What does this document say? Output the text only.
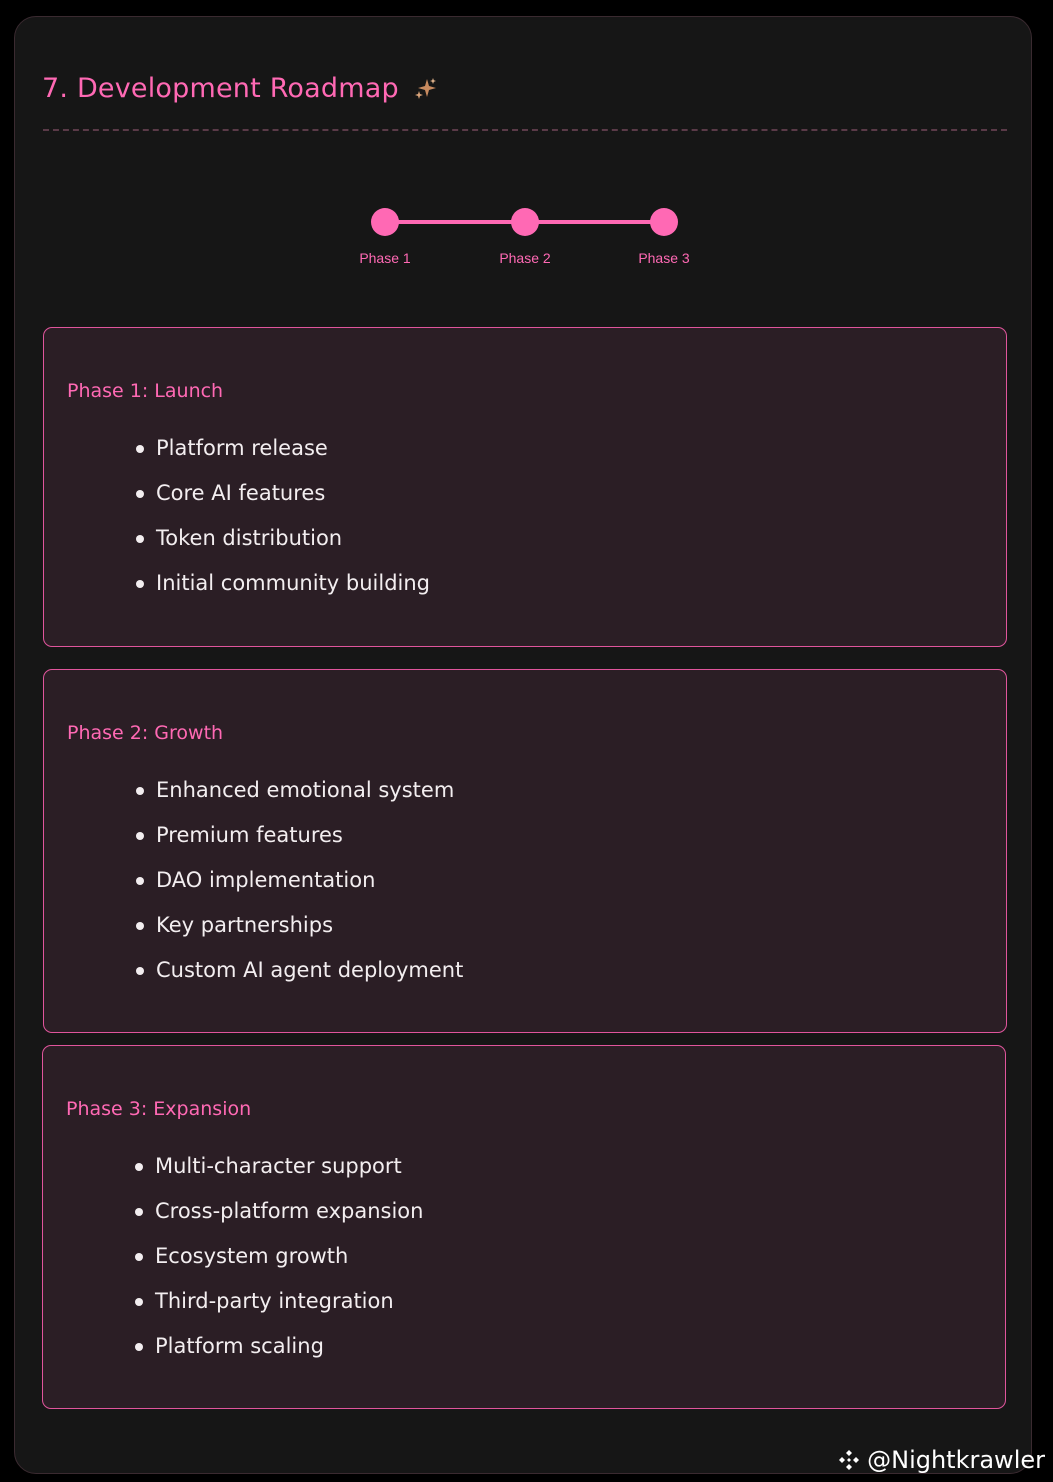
7. Development Roadmap
Phase 1	Phase 2	Phase 3
Phase 1: Launch
Platform release
Core AI features
Token distribution
Initial community building
Phase 2: Growth
Enhanced emotional system
Premium features
DAO implementation
Key partnerships
Custom AI agent deployment
Phase 3: Expansion
Multi-character support
Cross-platform expansion
Ecosystem growth
Third-party integration
Platform scaling
@Nightkrawler
